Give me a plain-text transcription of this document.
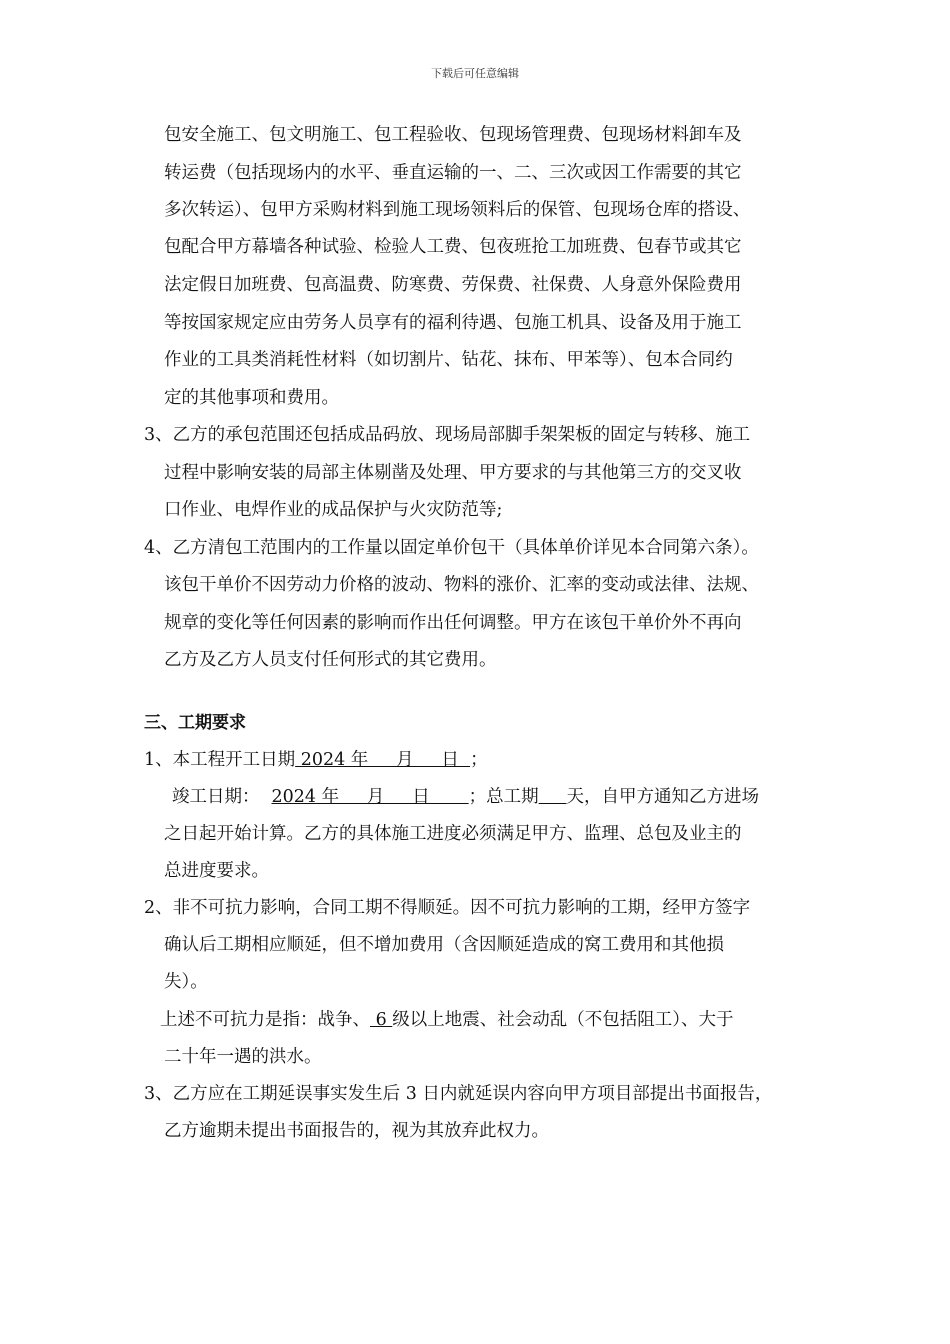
下载后可任意编辑
包安全施工、包文明施工、包工程验收、包现场管理费、包现场材料卸车及
转运费（包括现场内的水平、垂直运输的一、二、三次或因工作需要的其它
多次转运）、包甲方采购材料到施工现场领料后的保管、包现场仓库的搭设、
包配合甲方幕墙各种试验、检验人工费、包夜班抢工加班费、包春节或其它
法定假日加班费、包高温费、防寒费、劳保费、社保费、人身意外保险费用
等按国家规定应由劳务人员享有的福利待遇、包施工机具、设备及用于施工
作业的工具类消耗性材料（如切割片、钻花、抹布、甲苯等）、包本合同约
定的其他事项和费用。
3、乙方的承包范围还包括成品码放、现场局部脚手架架板的固定与转移、施工
过程中影响安装的局部主体剔凿及处理、甲方要求的与其他第三方的交叉收
口作业、电焊作业的成品保护与火灾防范等;
4、乙方清包工范围内的工作量以固定单价包干（具体单价详见本合同第六条）。
该包干单价不因劳动力价格的波动、物料的涨价、汇率的变动或法律、法规、
规章的变化等任何因素的影响而作出任何调整。甲方在该包干单价外不再向
乙方及乙方人员支付任何形式的其它费用。
三、工期要求
1、本工程开工日期 2024 年     月     日  ；
竣工日期： 2024 年     月     日       ；总工期 天，自甲方通知乙方进场
之日起开始计算。乙方的具体施工进度必须满足甲方、监理、总包及业主的
总进度要求。
2、非不可抗力影响，合同工期不得顺延。因不可抗力影响的工期，经甲方签字
确认后工期相应顺延，但不增加费用（含因顺延造成的窝工费用和其他损
失）。
上述不可抗力是指：战争、 6 级以上地震、社会动乱（不包括阻工）、大于
二十年一遇的洪水。
3、乙方应在工期延误事实发生后 3 日内就延误内容向甲方项目部提出书面报告，
乙方逾期未提出书面报告的，视为其放弃此权力。
